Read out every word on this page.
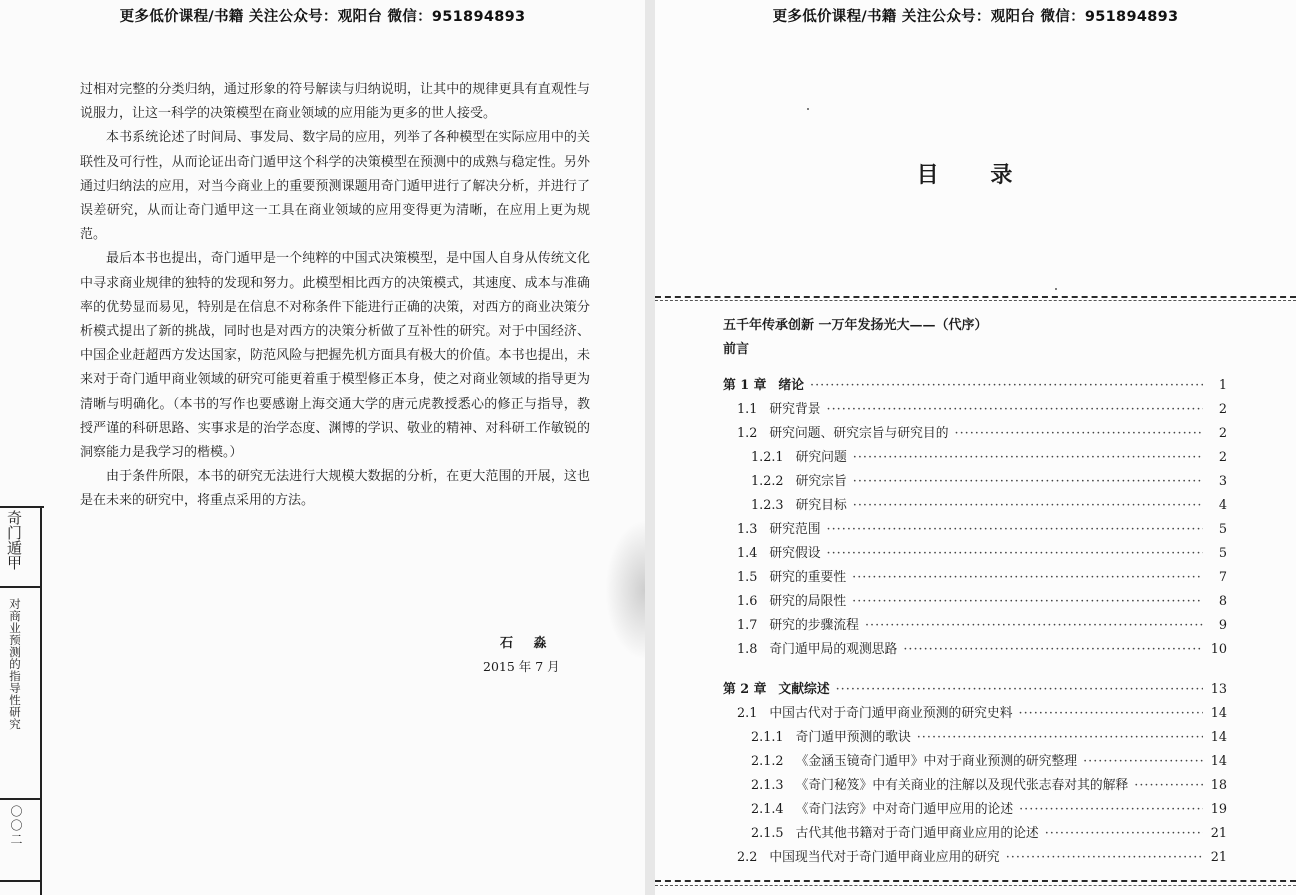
更多低价课程/书籍 关注公众号：观阳台 微信：951894893

过相对完整的分类归纳，通过形象的符号解读与归纳说明，让其中的规律更具有直观性与说服力，让这一科学的决策模型在商业领域的应用能为更多的世人接受。

本书系统论述了时间局、事发局、数字局的应用，列举了各种模型在实际应用中的关联性及可行性，从而论证出奇门遁甲这个科学的决策模型在预测中的成熟与稳定性。另外通过归纳法的应用，对当今商业上的重要预测课题用奇门遁甲进行了解决分析，并进行了误差研究，从而让奇门遁甲这一工具在商业领域的应用变得更为清晰，在应用上更为规范。

最后本书也提出，奇门遁甲是一个纯粹的中国式决策模型，是中国人自身从传统文化中寻求商业规律的独特的发现和努力。此模型相比西方的决策模式，其速度、成本与准确率的优势显而易见，特别是在信息不对称条件下能进行正确的决策，对西方的商业决策分析模式提出了新的挑战，同时也是对西方的决策分析做了互补性的研究。对于中国经济、中国企业赶超西方发达国家，防范风险与把握先机方面具有极大的价值。本书也提出，未来对于奇门遁甲商业领域的研究可能更着重于模型修正本身，使之对商业领域的指导更为清晰与明确化。（本书的写作也要感谢上海交通大学的唐元虎教授悉心的修正与指导，教授严谨的科研思路、实事求是的治学态度、渊博的学识、敬业的精神、对科研工作敏锐的洞察能力是我学习的楷模。）

由于条件所限，本书的研究无法进行大规模大数据的分析，在更大范围的开展，这也是在未来的研究中，将重点采用的方法。

石 淼
2015 年 7 月
奇门遁甲
对商业预测的指导性研究
〇〇二
更多低价课程/书籍 关注公众号：观阳台 微信：951894893
目 录
五千年传承创新 一万年发扬光大——（代序）
前言
第 1 章 绪论 ·····	1
1.1 研究背景 ·····	2
1.2 研究问题、研究宗旨与研究目的 ·····	2
1.2.1 研究问题 ·····	2
1.2.2 研究宗旨 ·····	3
1.2.3 研究目标 ·····	4
1.3 研究范围 ·····	5
1.4 研究假设 ·····	5
1.5 研究的重要性 ·····	7
1.6 研究的局限性 ·····	8
1.7 研究的步骤流程 ·····	9
1.8 奇门遁甲局的观测思路 ·····	10
第 2 章 文献综述 ·····	13
2.1 中国古代对于奇门遁甲商业预测的研究史料 ·····	14
2.1.1 奇门遁甲预测的歌诀 ·····	14
2.1.2 《金涵玉镜奇门遁甲》中对于商业预测的研究整理 ·····	14
2.1.3 《奇门秘笈》中有关商业的注解以及现代张志春对其的解释 ·····	18
2.1.4 《奇门法窍》中对奇门遁甲应用的论述 ·····	19
2.1.5 古代其他书籍对于奇门遁甲商业应用的论述 ·····	21
2.2 中国现当代对于奇门遁甲商业应用的研究 ·····	21
